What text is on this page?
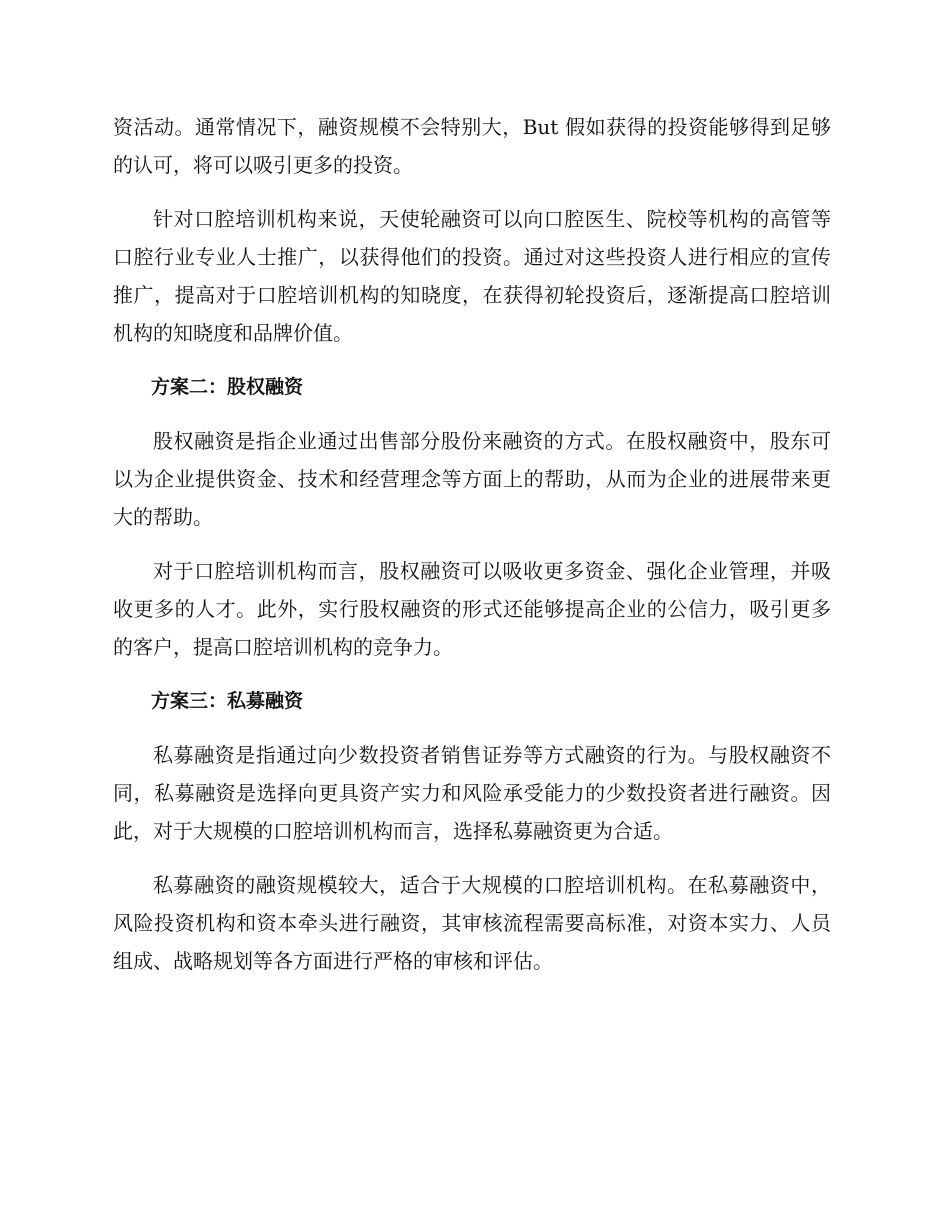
资活动。通常情况下，融资规模不会特别大，But 假如获得的投资能够得到足够的认可，将可以吸引更多的投资。

针对口腔培训机构来说，天使轮融资可以向口腔医生、院校等机构的高管等口腔行业专业人士推广，以获得他们的投资。通过对这些投资人进行相应的宣传推广，提高对于口腔培训机构的知晓度，在获得初轮投资后，逐渐提高口腔培训机构的知晓度和品牌价值。

方案二：股权融资

股权融资是指企业通过出售部分股份来融资的方式。在股权融资中，股东可以为企业提供资金、技术和经营理念等方面上的帮助，从而为企业的进展带来更大的帮助。

对于口腔培训机构而言，股权融资可以吸收更多资金、强化企业管理，并吸收更多的人才。此外，实行股权融资的形式还能够提高企业的公信力，吸引更多的客户，提高口腔培训机构的竞争力。

方案三：私募融资

私募融资是指通过向少数投资者销售证券等方式融资的行为。与股权融资不同，私募融资是选择向更具资产实力和风险承受能力的少数投资者进行融资。因此，对于大规模的口腔培训机构而言，选择私募融资更为合适。

私募融资的融资规模较大，适合于大规模的口腔培训机构。在私募融资中，风险投资机构和资本牵头进行融资，其审核流程需要高标准，对资本实力、人员组成、战略规划等各方面进行严格的审核和评估。
